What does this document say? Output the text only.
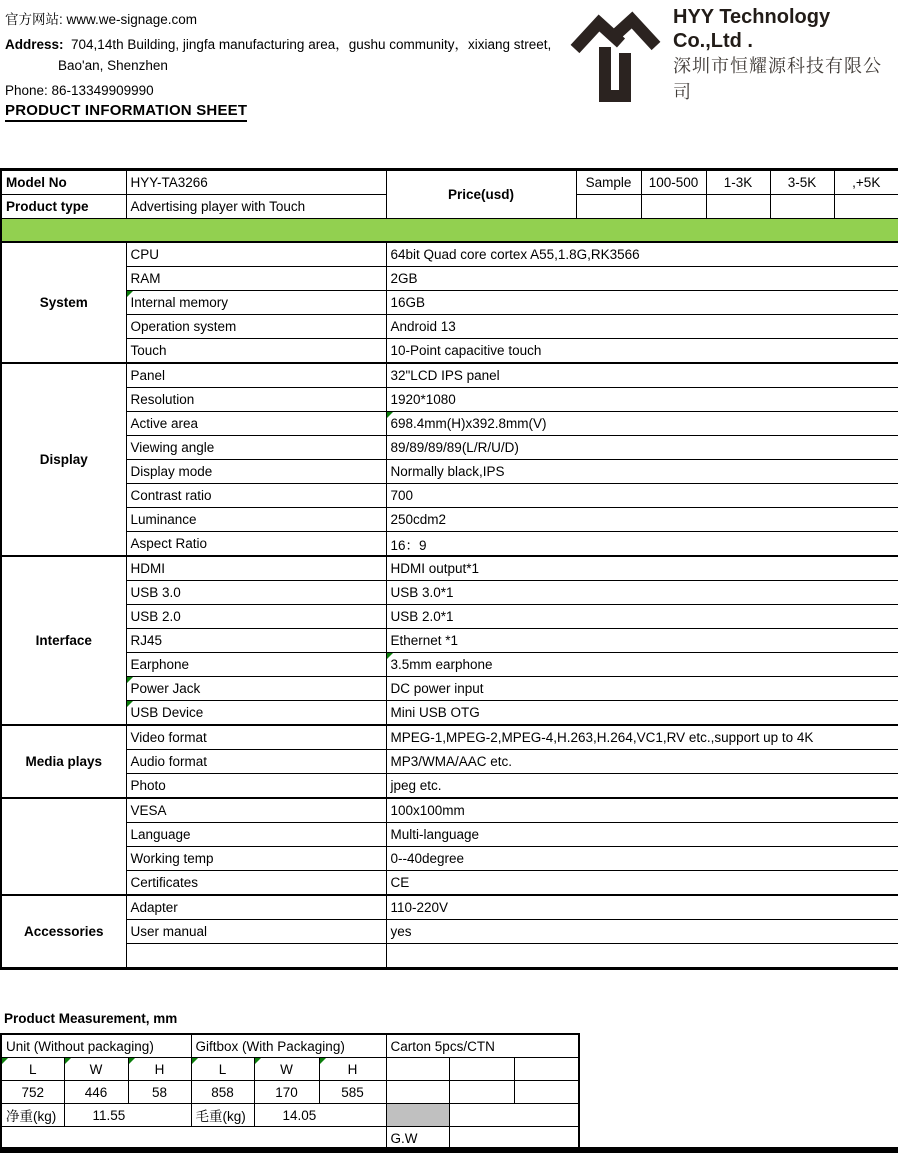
官方网站: www.we-signage.com
Address: 704,14th Building, jingfa manufacturing area，gushu community，xixiang street,
Bao'an, Shenzhen
Phone: 86-13349909990
PRODUCT INFORMATION SHEET
HYY Technology Co.,Ltd .
深圳市恒耀源科技有限公司
Model No	HYY-TA3266	Price(usd)	Sample	100-500	1-3K	3-5K	,+5K
Product type	Advertising player with Touch						

System	CPU	64bit Quad core cortex A55,1.8G,RK3566					
	RAM	2GB					
	Internal memory	16GB					
	Operation system	Android 13					
	Touch	10-Point capacitive touch					
Display	Panel	32"LCD IPS panel					
	Resolution	1920*1080					
	Active area	698.4mm(H)x392.8mm(V)					

	Viewing angle	89/89/89/89(L/R/U/D)					
	Display mode	Normally black,IPS					
	Contrast ratio	700					
	Luminance	250cdm2					
	Aspect Ratio	16：9					
Interface	HDMI	HDMI output*1					
	USB 3.0	USB 3.0*1					
	USB 2.0	USB 2.0*1					
	RJ45	Ethernet *1					
	Earphone	3.5mm earphone					

	Power Jack	DC power input					
	USB Device	Mini USB OTG					
Media plays	Video format	MPEG-1,MPEG-2,MPEG-4,H.263,H.264,VC1,RV etc.,support up to 4K					
	Audio format	MP3/WMA/AAC etc.					
	Photo	jpeg etc.					
	VESA	100x100mm					
	Language	Multi-language					
	Working temp	0--40degree					
	Certificates	CE					
Accessories	Adapter	110-220V					
	User manual	yes					

Product Measurement, mm
Unit (Without packaging)			Giftbox (With Packaging)			Carton 5pcs/CTN		
L	W	H	L	W	H

752	446	58	858	170	585			
净重(kg)	11.55		毛重(kg)	14.05				
						G.W		
